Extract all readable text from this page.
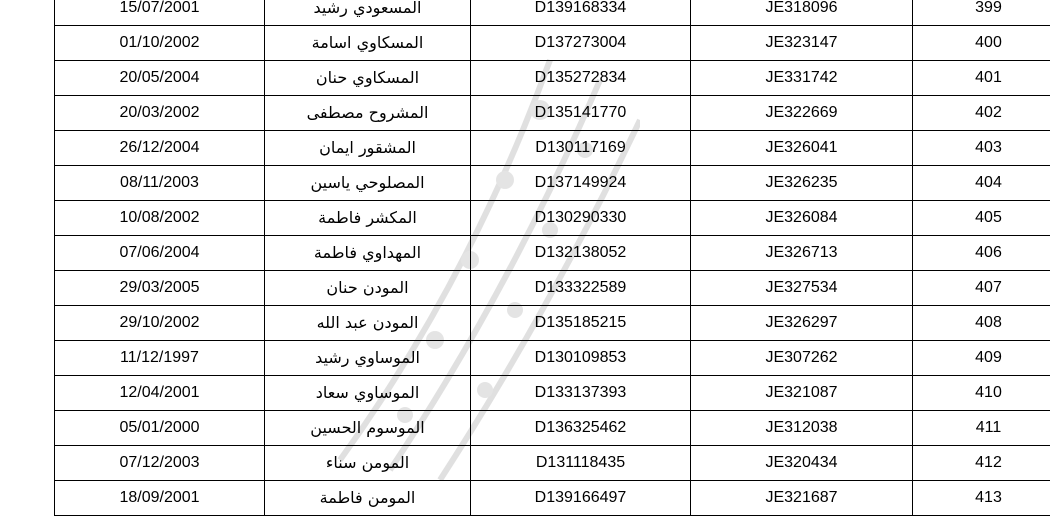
15/07/2001	المسعودي رشيد	D139168334	JE318096	399
01/10/2002	المسكاوي اسامة	D137273004	JE323147	400
20/05/2004	المسكاوي حنان	D135272834	JE331742	401
20/03/2002	المشروح مصطفى	D135141770	JE322669	402
26/12/2004	المشقور ايمان	D130117169	JE326041	403
08/11/2003	المصلوحي ياسين	D137149924	JE326235	404
10/08/2002	المكشر فاطمة	D130290330	JE326084	405
07/06/2004	المهداوي فاطمة	D132138052	JE326713	406
29/03/2005	المودن حنان	D133322589	JE327534	407
29/10/2002	المودن عبد الله	D135185215	JE326297	408
11/12/1997	الموساوي رشيد	D130109853	JE307262	409
12/04/2001	الموساوي سعاد	D133137393	JE321087	410
05/01/2000	الموسوم الحسين	D136325462	JE312038	411
07/12/2003	المومن سناء	D131118435	JE320434	412
18/09/2001	المومن فاطمة	D139166497	JE321687	413
